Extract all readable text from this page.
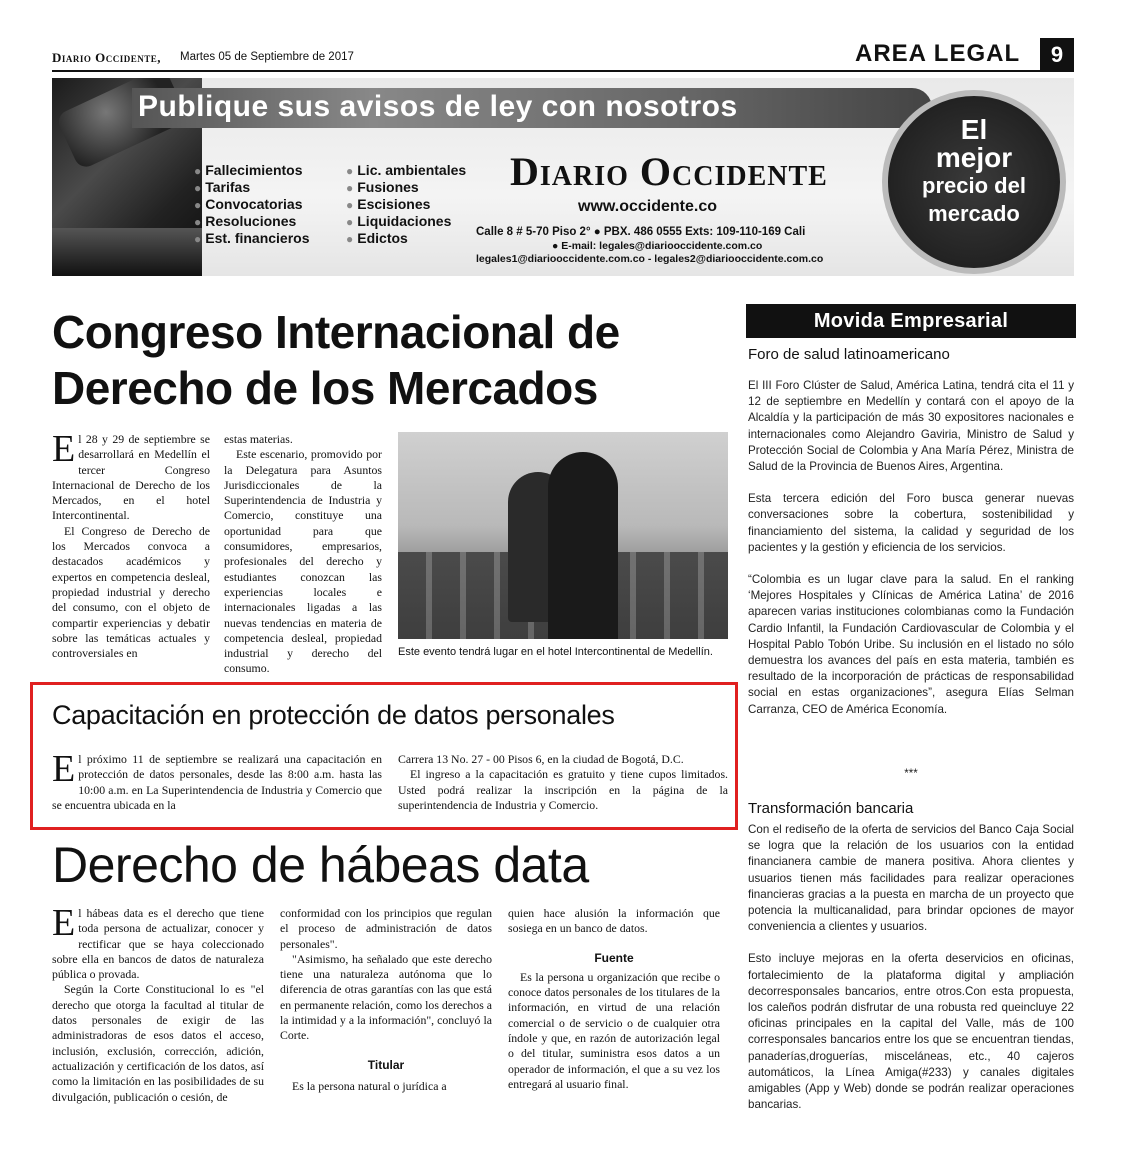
Diario Occidente, Martes 05 de Septiembre de 2017	AREA LEGAL	9
Publique sus avisos de ley con nosotros
● Fallecimientos
● Tarifas
● Convocatorias
● Resoluciones
● Est. financieros
● Lic. ambientales
● Fusiones
● Escisiones
● Liquidaciones
● Edictos
Diario Occidente
www.occidente.co
Calle 8 # 5-70 Piso 2° ● PBX. 486 0555 Exts: 109-110-169 Cali
● E-mail: legales@diariooccidente.com.co
legales1@diariooccidente.com.co - legales2@diariooccidente.com.co
El
mejor
precio del
mercado
Congreso Internacional de Derecho de los Mercados

El 28 y 29 de septiembre se desarrollará en Medellín el tercer Congreso Internacional de Derecho de los Mercados, en el hotel Intercontinental.

El Congreso de Derecho de los Mercados convoca a destacados académicos y expertos en competencia desleal, propiedad industrial y derecho del consumo, con el objeto de compartir experiencias y debatir sobre las temáticas actuales y controversiales en

estas materias.

Este escenario, promovido por la Delegatura para Asuntos Jurisdiccionales de la Superintendencia de Industria y Comercio, constituye una oportunidad para que consumidores, empresarios, profesionales del derecho y estudiantes conozcan las experiencias locales e internacionales ligadas a las nuevas tendencias en materia de competencia desleal, propiedad industrial y derecho del consumo.

Este evento tendrá lugar en el hotel Intercontinental de Medellín.
Capacitación en protección de datos personales

El próximo 11 de septiembre se realizará una capacitación en protección de datos personales, desde las 8:00 a.m. hasta las 10:00 a.m. en La Superintendencia de Industria y Comercio que se encuentra ubicada en la

Carrera 13 No. 27 - 00 Pisos 6, en la ciudad de Bogotá, D.C.

El ingreso a la capacitación es gratuito y tiene cupos limitados. Usted podrá realizar la inscripción en la página de la superintendencia de Industria y Comercio.

Derecho de hábeas data

El hábeas data es el derecho que tiene toda persona de actualizar, conocer y rectificar que se haya coleccionado sobre ella en bancos de datos de naturaleza pública o provada.

Según la Corte Constitucional lo es "el derecho que otorga la facultad al titular de datos personales de exigir de las administradoras de esos datos el acceso, inclusión, exclusión, corrección, adición, actualización y certificación de los datos, así como la limitación en las posibilidades de su divulgación, publicación o cesión, de

conformidad con los principios que regulan el proceso de administración de datos personales".

"Asimismo, ha señalado que este derecho tiene una naturaleza autónoma que lo diferencia de otras garantías con las que está en permanente relación, como los derechos a la intimidad y a la información", concluyó la Corte.

Titular

Es la persona natural o jurídica a

quien hace alusión la información que sosiega en un banco de datos.

Fuente

Es la persona u organización que recibe o conoce datos personales de los titulares de la información, en virtud de una relación comercial o de servicio o de cualquier otra índole y que, en razón de autorización legal o del titular, suministra esos datos a un operador de información, el que a su vez los entregará al usuario final.

Movida Empresarial
Foro de salud latinoamericano

El III Foro Clúster de Salud, América Latina, tendrá cita el 11 y 12 de septiembre en Medellín y contará con el apoyo de la Alcaldía y la participación de más 30 expositores nacionales e internacionales como Alejandro Gaviria, Ministro de Salud y Protección Social de Colombia y Ana María Pérez, Ministra de Salud de la Provincia de Buenos Aires, Argentina.

Esta tercera edición del Foro busca generar nuevas conversaciones sobre la cobertura, sostenibilidad y financiamiento del sistema, la calidad y seguridad de los pacientes y la gestión y eficiencia de los servicios.

“Colombia es un lugar clave para la salud. En el ranking ‘Mejores Hospitales y Clínicas de América Latina’ de 2016 aparecen varias instituciones colombianas como la Fundación Cardio Infantil, la Fundación Cardiovascular de Colombia y el Hospital Pablo Tobón Uribe. Su inclusión en el listado no sólo demuestra los avances del país en esta materia, también es resultado de la incorporación de prácticas de responsabilidad social en estas organizaciones”, asegura Elías Selman Carranza, CEO de América Economía.

***
Transformación bancaria

Con el rediseño de la oferta de servicios del Banco Caja Social se logra que la relación de los usuarios con la entidad financianera cambie de manera positiva. Ahora clientes y usuarios tienen más facilidades para realizar operaciones financieras gracias a la puesta en marcha de un proyecto que potencia la multicanalidad, para brindar opciones de mayor conveniencia a clientes y usuarios.

Esto incluye mejoras en la oferta deservicios en oficinas, fortalecimiento de la plataforma digital y ampliación decorresponsales bancarios, entre otros.Con esta propuesta, los caleños podrán disfrutar de una robusta red queincluye 22 oficinas principales en la capital del Valle, más de 100 corresponsales bancarios entre los que se encuentran tiendas, panaderías,droguerías, misceláneas, etc., 40 cajeros automáticos, la Línea Amiga(#233) y canales digitales amigables (App y Web) donde se podrán realizar operaciones bancarias.
